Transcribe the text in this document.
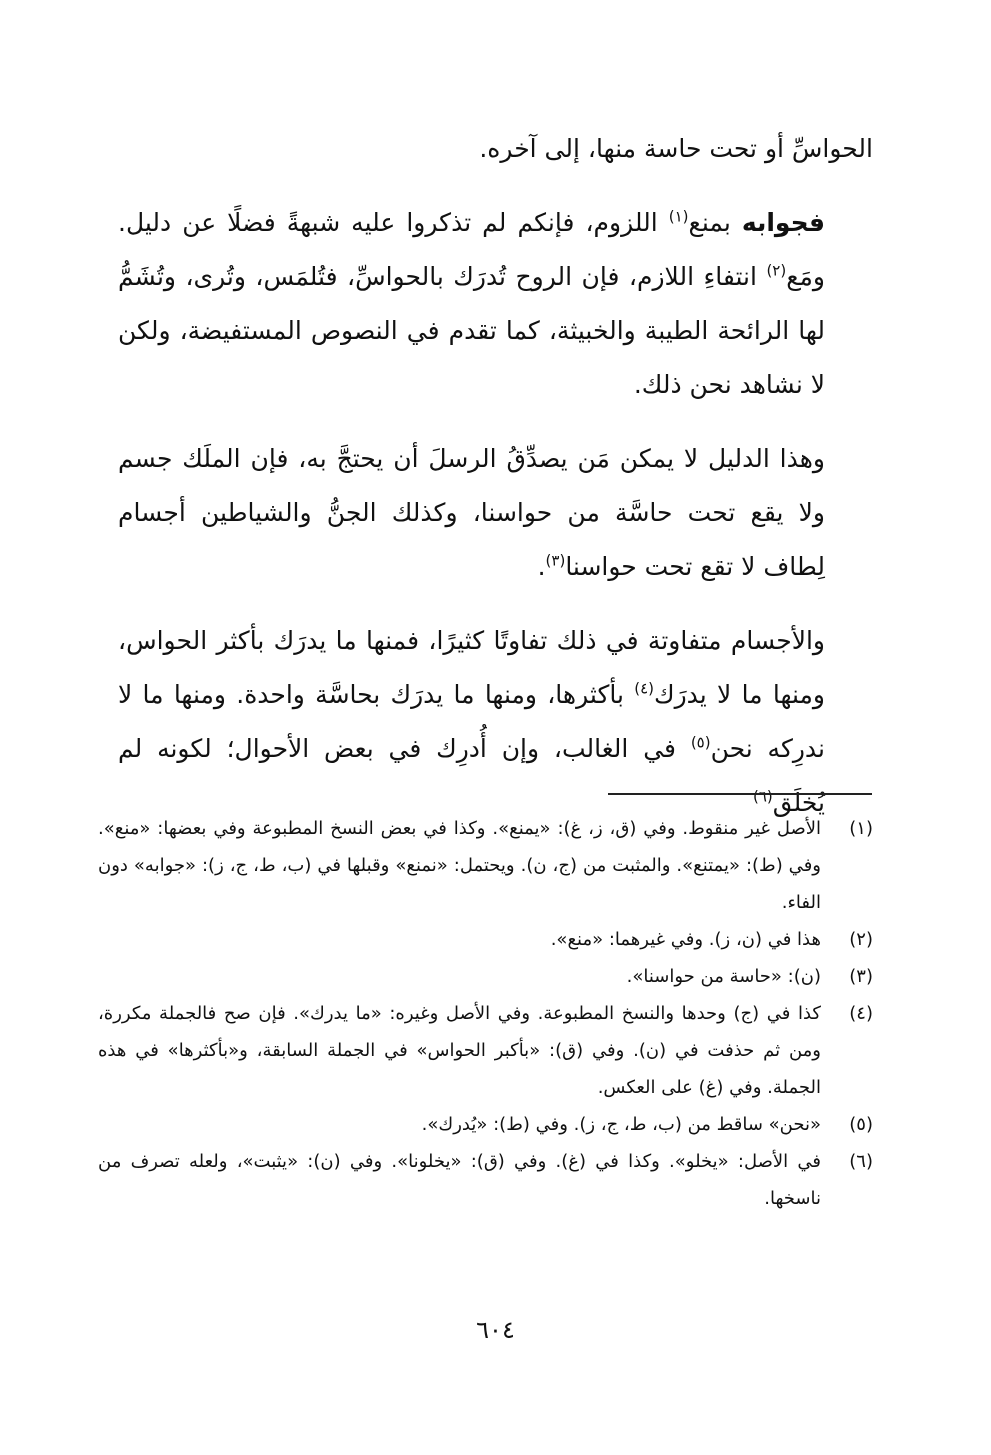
الحواسِّ أو تحت حاسة منها، إلى آخره.

فجوابه بمنع$^{(١)}$ اللزوم، فإنكم لم تذكروا عليه شبهةً فضلًا عن دليل. ومَع$^{(٢)}$ انتفاءِ اللازم، فإن الروح تُدرَك بالحواسِّ، فتُلمَس، وتُرى، وتُشَمُّ لها الرائحة الطيبة والخبيثة، كما تقدم في النصوص المستفيضة، ولكن لا نشاهد نحن ذلك.

وهذا الدليل لا يمكن مَن يصدِّقُ الرسلَ أن يحتجَّ به، فإن الملَك جسم ولا يقع تحت حاسَّة من حواسنا، وكذلك الجنُّ والشياطين أجسام لِطاف لا تقع تحت حواسنا$^{(٣)}$.

والأجسام متفاوتة في ذلك تفاوتًا كثيرًا، فمنها ما يدرَك بأكثر الحواس، ومنها ما لا يدرَك$^{(٤)}$ بأكثرها، ومنها ما يدرَك بحاسَّة واحدة. ومنها ما لا ندرِكه نحن$^{(٥)}$ في الغالب، وإن أُدرِك في بعض الأحوال؛ لكونه لم يُخلَق$^{(٦)}$

(١)
الأصل غير منقوط. وفي (ق، ز، غ): «يمنع». وكذا في بعض النسخ المطبوعة وفي بعضها: «منع». وفي (ط): «يمتنع». والمثبت من (ج، ن). ويحتمل: «نمنع» وقبلها في (ب، ط، ج، ز): «جوابه» دون الفاء.
(٢)
هذا في (ن، ز). وفي غيرهما: «منع».
(٣)
(ن): «حاسة من حواسنا».
(٤)
كذا في (ج) وحدها والنسخ المطبوعة. وفي الأصل وغيره: «ما يدرك». فإن صح فالجملة مكررة، ومن ثم حذفت في (ن). وفي (ق): «بأكبر الحواس» في الجملة السابقة، و«بأكثرها» في هذه الجملة. وفي (غ) على العكس.
(٥)
«نحن» ساقط من (ب، ط، ج، ز). وفي (ط): «يُدرك».
(٦)
في الأصل: «يخلو». وكذا في (غ). وفي (ق): «يخلونا». وفي (ن): «يثبت»، ولعله تصرف من ناسخها.
٦٠٤
